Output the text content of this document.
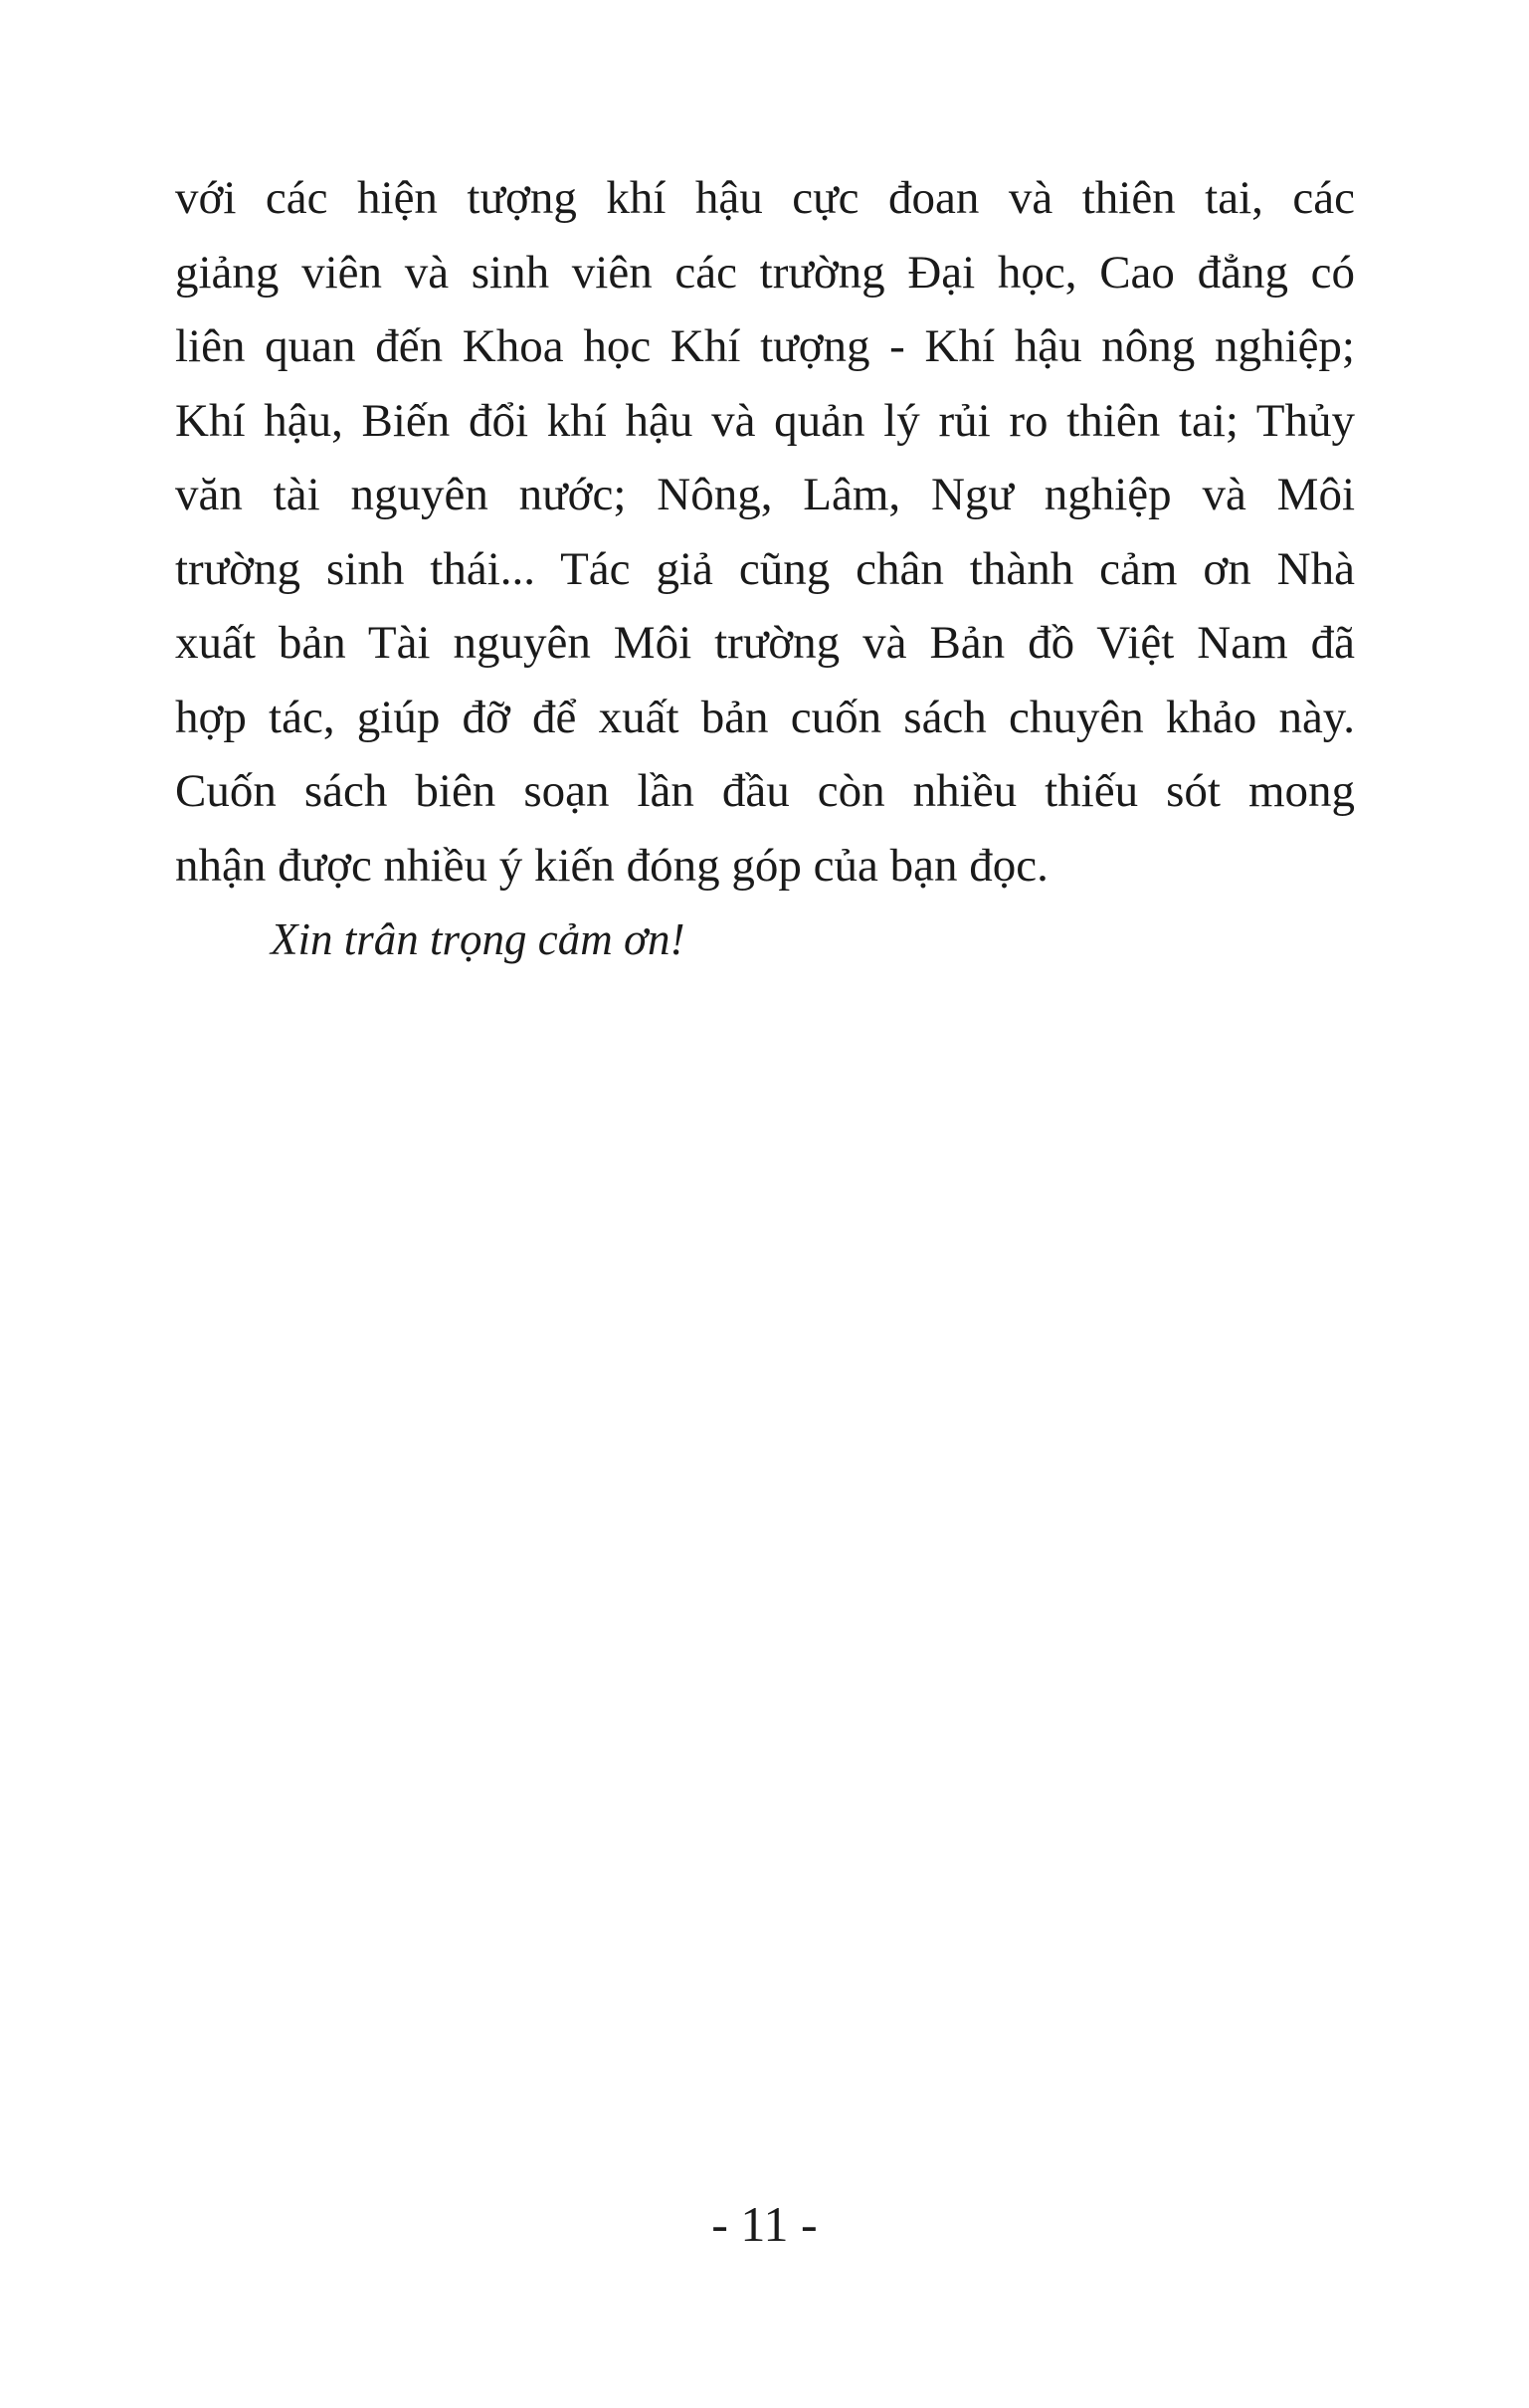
với các hiện tượng khí hậu cực đoan và thiên tai, các
giảng viên và sinh viên các trường Đại học, Cao đẳng có
liên quan đến Khoa học Khí tượng - Khí hậu nông nghiệp;
Khí hậu, Biến đổi khí hậu và quản lý rủi ro thiên tai; Thủy
văn tài nguyên nước; Nông, Lâm, Ngư nghiệp và Môi
trường sinh thái... Tác giả cũng chân thành cảm ơn Nhà
xuất bản Tài nguyên Môi trường và Bản đồ Việt Nam đã
hợp tác, giúp đỡ để xuất bản cuốn sách chuyên khảo này.
Cuốn sách biên soạn lần đầu còn nhiều thiếu sót mong
nhận được nhiều ý kiến đóng góp của bạn đọc.
Xin trân trọng cảm ơn!
- 11 -
